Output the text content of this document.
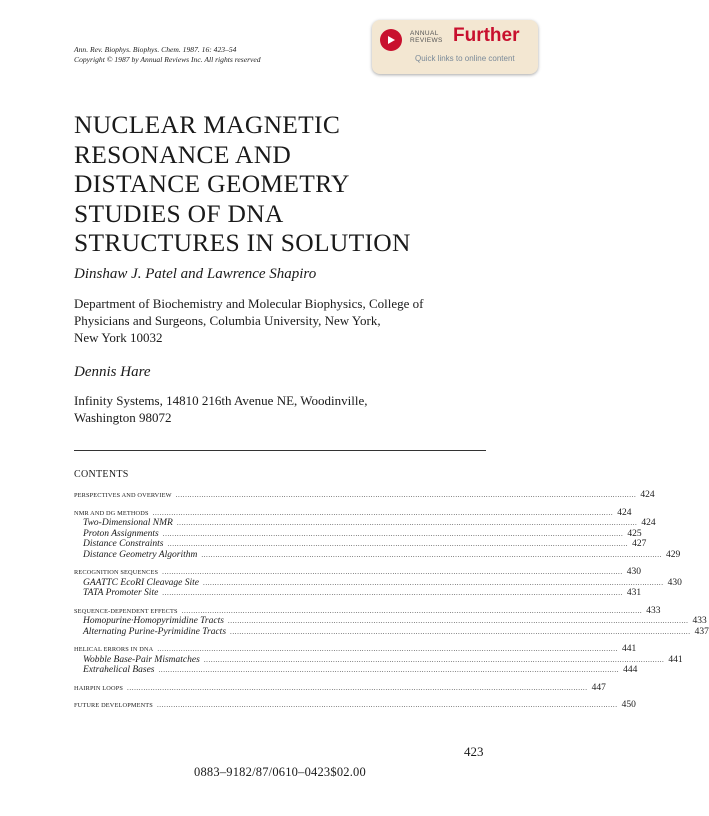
Ann. Rev. Biophys. Biophys. Chem. 1987. 16: 423–54
Copyright © 1987 by Annual Reviews Inc. All rights reserved
ANNUAL
REVIEWS Further
Quick links to online content
NUCLEAR MAGNETIC
RESONANCE AND
DISTANCE GEOMETRY
STUDIES OF DNA
STRUCTURES IN SOLUTION
Dinshaw J. Patel and Lawrence Shapiro
Department of Biochemistry and Molecular Biophysics, College of
Physicians and Surgeons, Columbia University, New York,
New York 10032
Dennis Hare
Infinity Systems, 14810 216th Avenue NE, Woodinville,
Washington 98072
CONTENTS
PERSPECTIVES AND OVERVIEW .................................................................................................................................................................................................... 424
NMR AND DG METHODS .................................................................................................................................................................................................... 424
Two-Dimensional NMR .................................................................................................................................................................................................... 424
Proton Assignments .................................................................................................................................................................................................... 425
Distance Constraints .................................................................................................................................................................................................... 427
Distance Geometry Algorithm .................................................................................................................................................................................................... 429
RECOGNITION SEQUENCES .................................................................................................................................................................................................... 430
GAATTC EcoRI Cleavage Site .................................................................................................................................................................................................... 430
TATA Promoter Site .................................................................................................................................................................................................... 431
SEQUENCE-DEPENDENT EFFECTS .................................................................................................................................................................................................... 433
Homopurine·Homopyrimidine Tracts .................................................................................................................................................................................................... 433
Alternating Purine-Pyrimidine Tracts .................................................................................................................................................................................................... 437
HELICAL ERRORS IN DNA .................................................................................................................................................................................................... 441
Wobble Base-Pair Mismatches .................................................................................................................................................................................................... 441
Extrahelical Bases .................................................................................................................................................................................................... 444
HAIRPIN LOOPS .................................................................................................................................................................................................... 447
FUTURE DEVELOPMENTS .................................................................................................................................................................................................... 450
423
0883–9182/87/0610–0423$02.00
